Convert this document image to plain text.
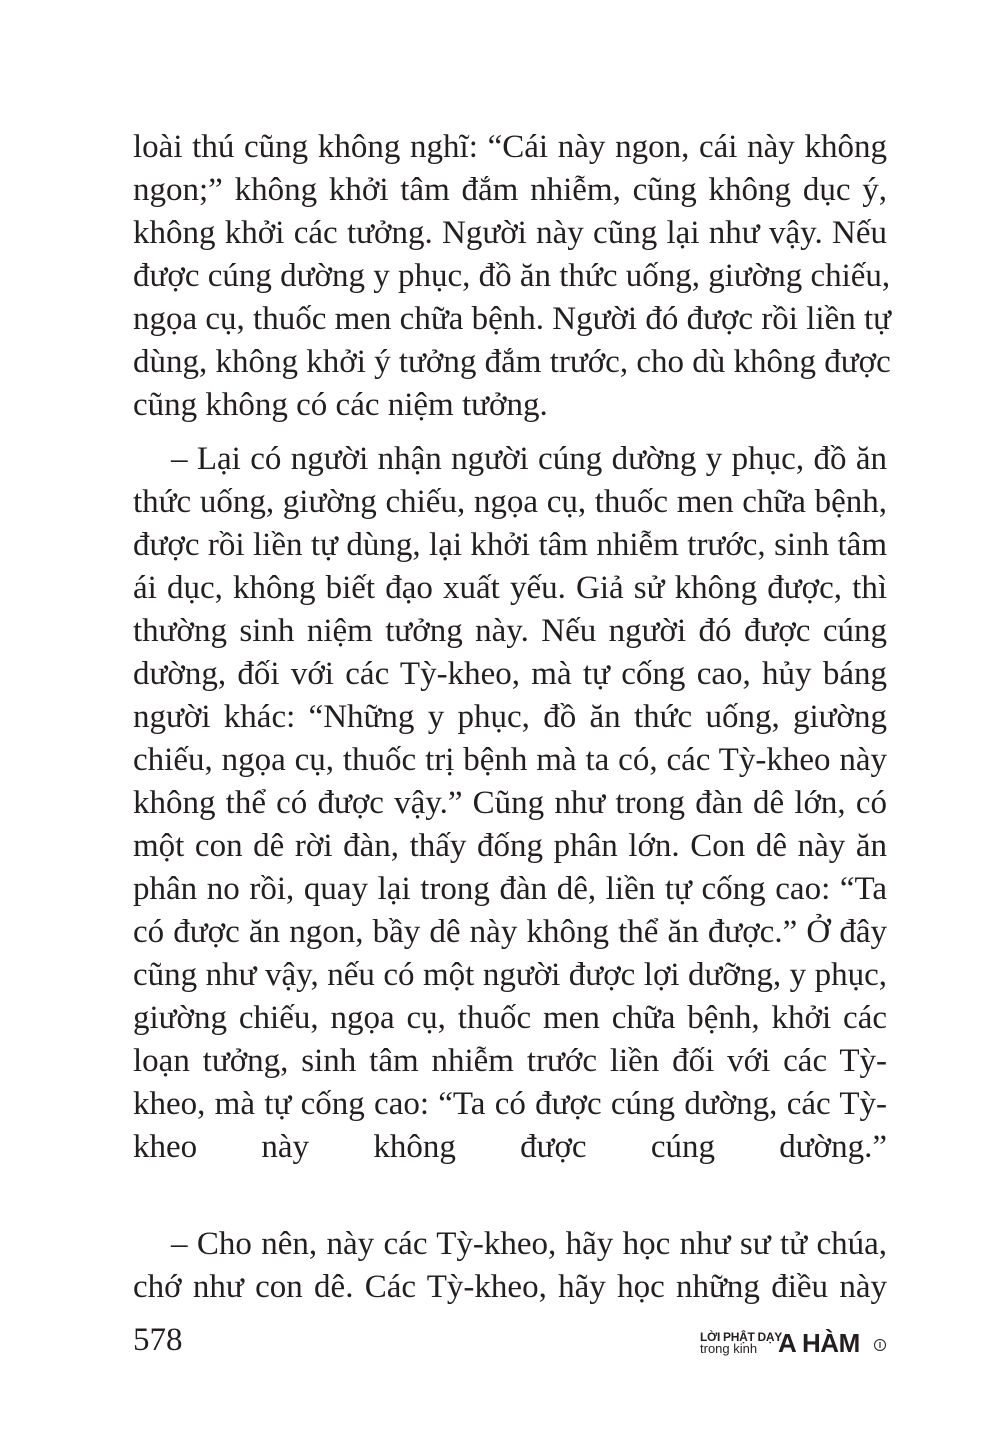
loài thú cũng không nghĩ: “Cái này ngon, cái này không
ngon;” không khởi tâm đắm nhiễm, cũng không dục ý,
không khởi các tưởng. Người này cũng lại như vậy. Nếu
được cúng dường y phục, đồ ăn thức uống, giường chiếu,
ngọa cụ, thuốc men chữa bệnh. Người đó được rồi liền tự
dùng, không khởi ý tưởng đắm trước, cho dù không được
cũng không có các niệm tưởng.
– Lại có người nhận người cúng dường y phục, đồ ăn
thức uống, giường chiếu, ngọa cụ, thuốc men chữa bệnh,
được rồi liền tự dùng, lại khởi tâm nhiễm trước, sinh tâm
ái dục, không biết đạo xuất yếu. Giả sử không được, thì
thường sinh niệm tưởng này. Nếu người đó được cúng
dường, đối với các Tỳ-kheo, mà tự cống cao, hủy báng
người khác: “Những y phục, đồ ăn thức uống, giường
chiếu, ngọa cụ, thuốc trị bệnh mà ta có, các Tỳ-kheo này
không thể có được vậy.” Cũng như trong đàn dê lớn, có
một con dê rời đàn, thấy đống phân lớn. Con dê này ăn
phân no rồi, quay lại trong đàn dê, liền tự cống cao: “Ta
có được ăn ngon, bầy dê này không thể ăn được.” Ở đây
cũng như vậy, nếu có một người được lợi dưỡng, y phục,
giường chiếu, ngọa cụ, thuốc men chữa bệnh, khởi các
loạn tưởng, sinh tâm nhiễm trước liền đối với các Tỳ-
kheo, mà tự cống cao: “Ta có được cúng dường, các Tỳ-
kheo này không được cúng dường.”
– Cho nên, này các Tỳ-kheo, hãy học như sư tử chúa,
chớ như con dê. Các Tỳ-kheo, hãy học những điều này
578	LỜI PHẬT DẠY
trong kinh A HÀM	I
